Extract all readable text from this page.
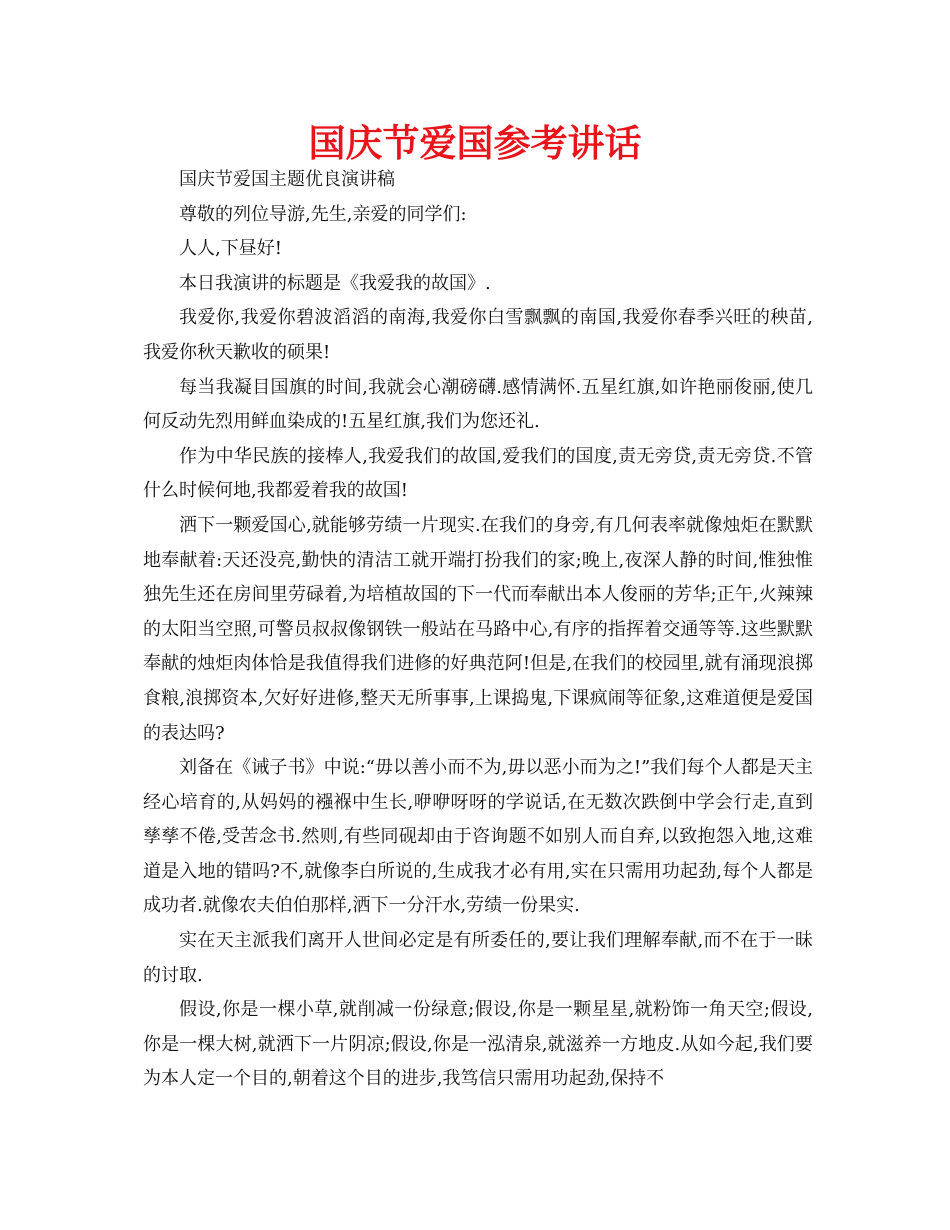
国庆节爱国参考讲话

国庆节爱国主题优良演讲稿

尊敬的列位导游,先生,亲爱的同学们:

人人,下昼好!

本日我演讲的标题是《我爱我的故国》.

我爱你,我爱你碧波滔滔的南海,我爱你白雪飘飘的南国,我爱你春季兴旺的秧苗,我爱你秋天歉收的硕果!

每当我凝目国旗的时间,我就会心潮磅礴.感情满怀.五星红旗,如许艳丽俊丽,使几何反动先烈用鲜血染成的!五星红旗,我们为您还礼.

作为中华民族的接棒人,我爱我们的故国,爱我们的国度,责无旁贷,责无旁贷.不管什么时候何地,我都爱着我的故国!

洒下一颗爱国心,就能够劳绩一片现实.在我们的身旁,有几何表率就像烛炬在默默地奉献着:天还没亮,勤快的清洁工就开端打扮我们的家;晚上,夜深人静的时间,惟独惟独先生还在房间里劳碌着,为培植故国的下一代而奉献出本人俊丽的芳华;正午,火辣辣的太阳当空照,可警员叔叔像钢铁一般站在马路中心,有序的指挥着交通等等.这些默默奉献的烛炬肉体恰是我值得我们进修的好典范阿!但是,在我们的校园里,就有涌现浪掷食粮,浪掷资本,欠好好进修,整天无所事事,上课捣鬼,下课疯闹等征象,这难道便是爱国的表达吗?

刘备在《诫子书》中说:“毋以善小而不为,毋以恶小而为之!”我们每个人都是天主经心培育的,从妈妈的襁褓中生长,咿咿呀呀的学说话,在无数次跌倒中学会行走,直到孳孳不倦,受苦念书.然则,有些同砚却由于咨询题不如别人而自弃,以致抱怨入地,这难道是入地的错吗?不,就像李白所说的,生成我才必有用,实在只需用功起劲,每个人都是成功者.就像农夫伯伯那样,洒下一分汗水,劳绩一份果实.

实在天主派我们离开人世间必定是有所委任的,要让我们理解奉献,而不在于一昧的讨取.

假设,你是一棵小草,就削减一份绿意;假设,你是一颗星星,就粉饰一角天空;假设,你是一棵大树,就洒下一片阴凉;假设,你是一泓清泉,就滋养一方地皮.从如今起,我们要为本人定一个目的,朝着这个目的进步,我笃信只需用功起劲,保持不
